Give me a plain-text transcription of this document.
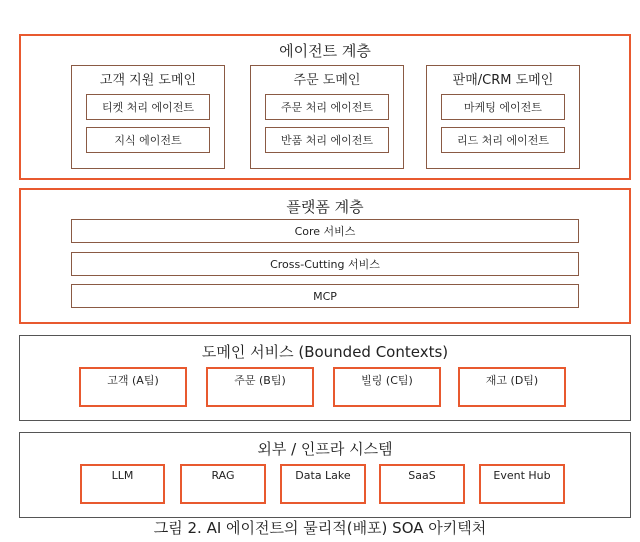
에이전트 계층
고객 지원 도메인
티켓 처리 에이전트
지식 에이전트
주문 도메인
주문 처리 에이전트
반품 처리 에이전트
판매/CRM 도메인
마케팅 에이전트
리드 처리 에이전트
플랫폼 계층
Core 서비스
Cross-Cutting 서비스
MCP
도메인 서비스 (Bounded Contexts)
고객 (A팀)	주문 (B팀)	빌링 (C팀)	재고 (D팀)
외부 / 인프라 시스템
LLM	RAG	Data Lake	SaaS	Event Hub
그림 2. AI 에이전트의 물리적(배포) SOA 아키텍처
